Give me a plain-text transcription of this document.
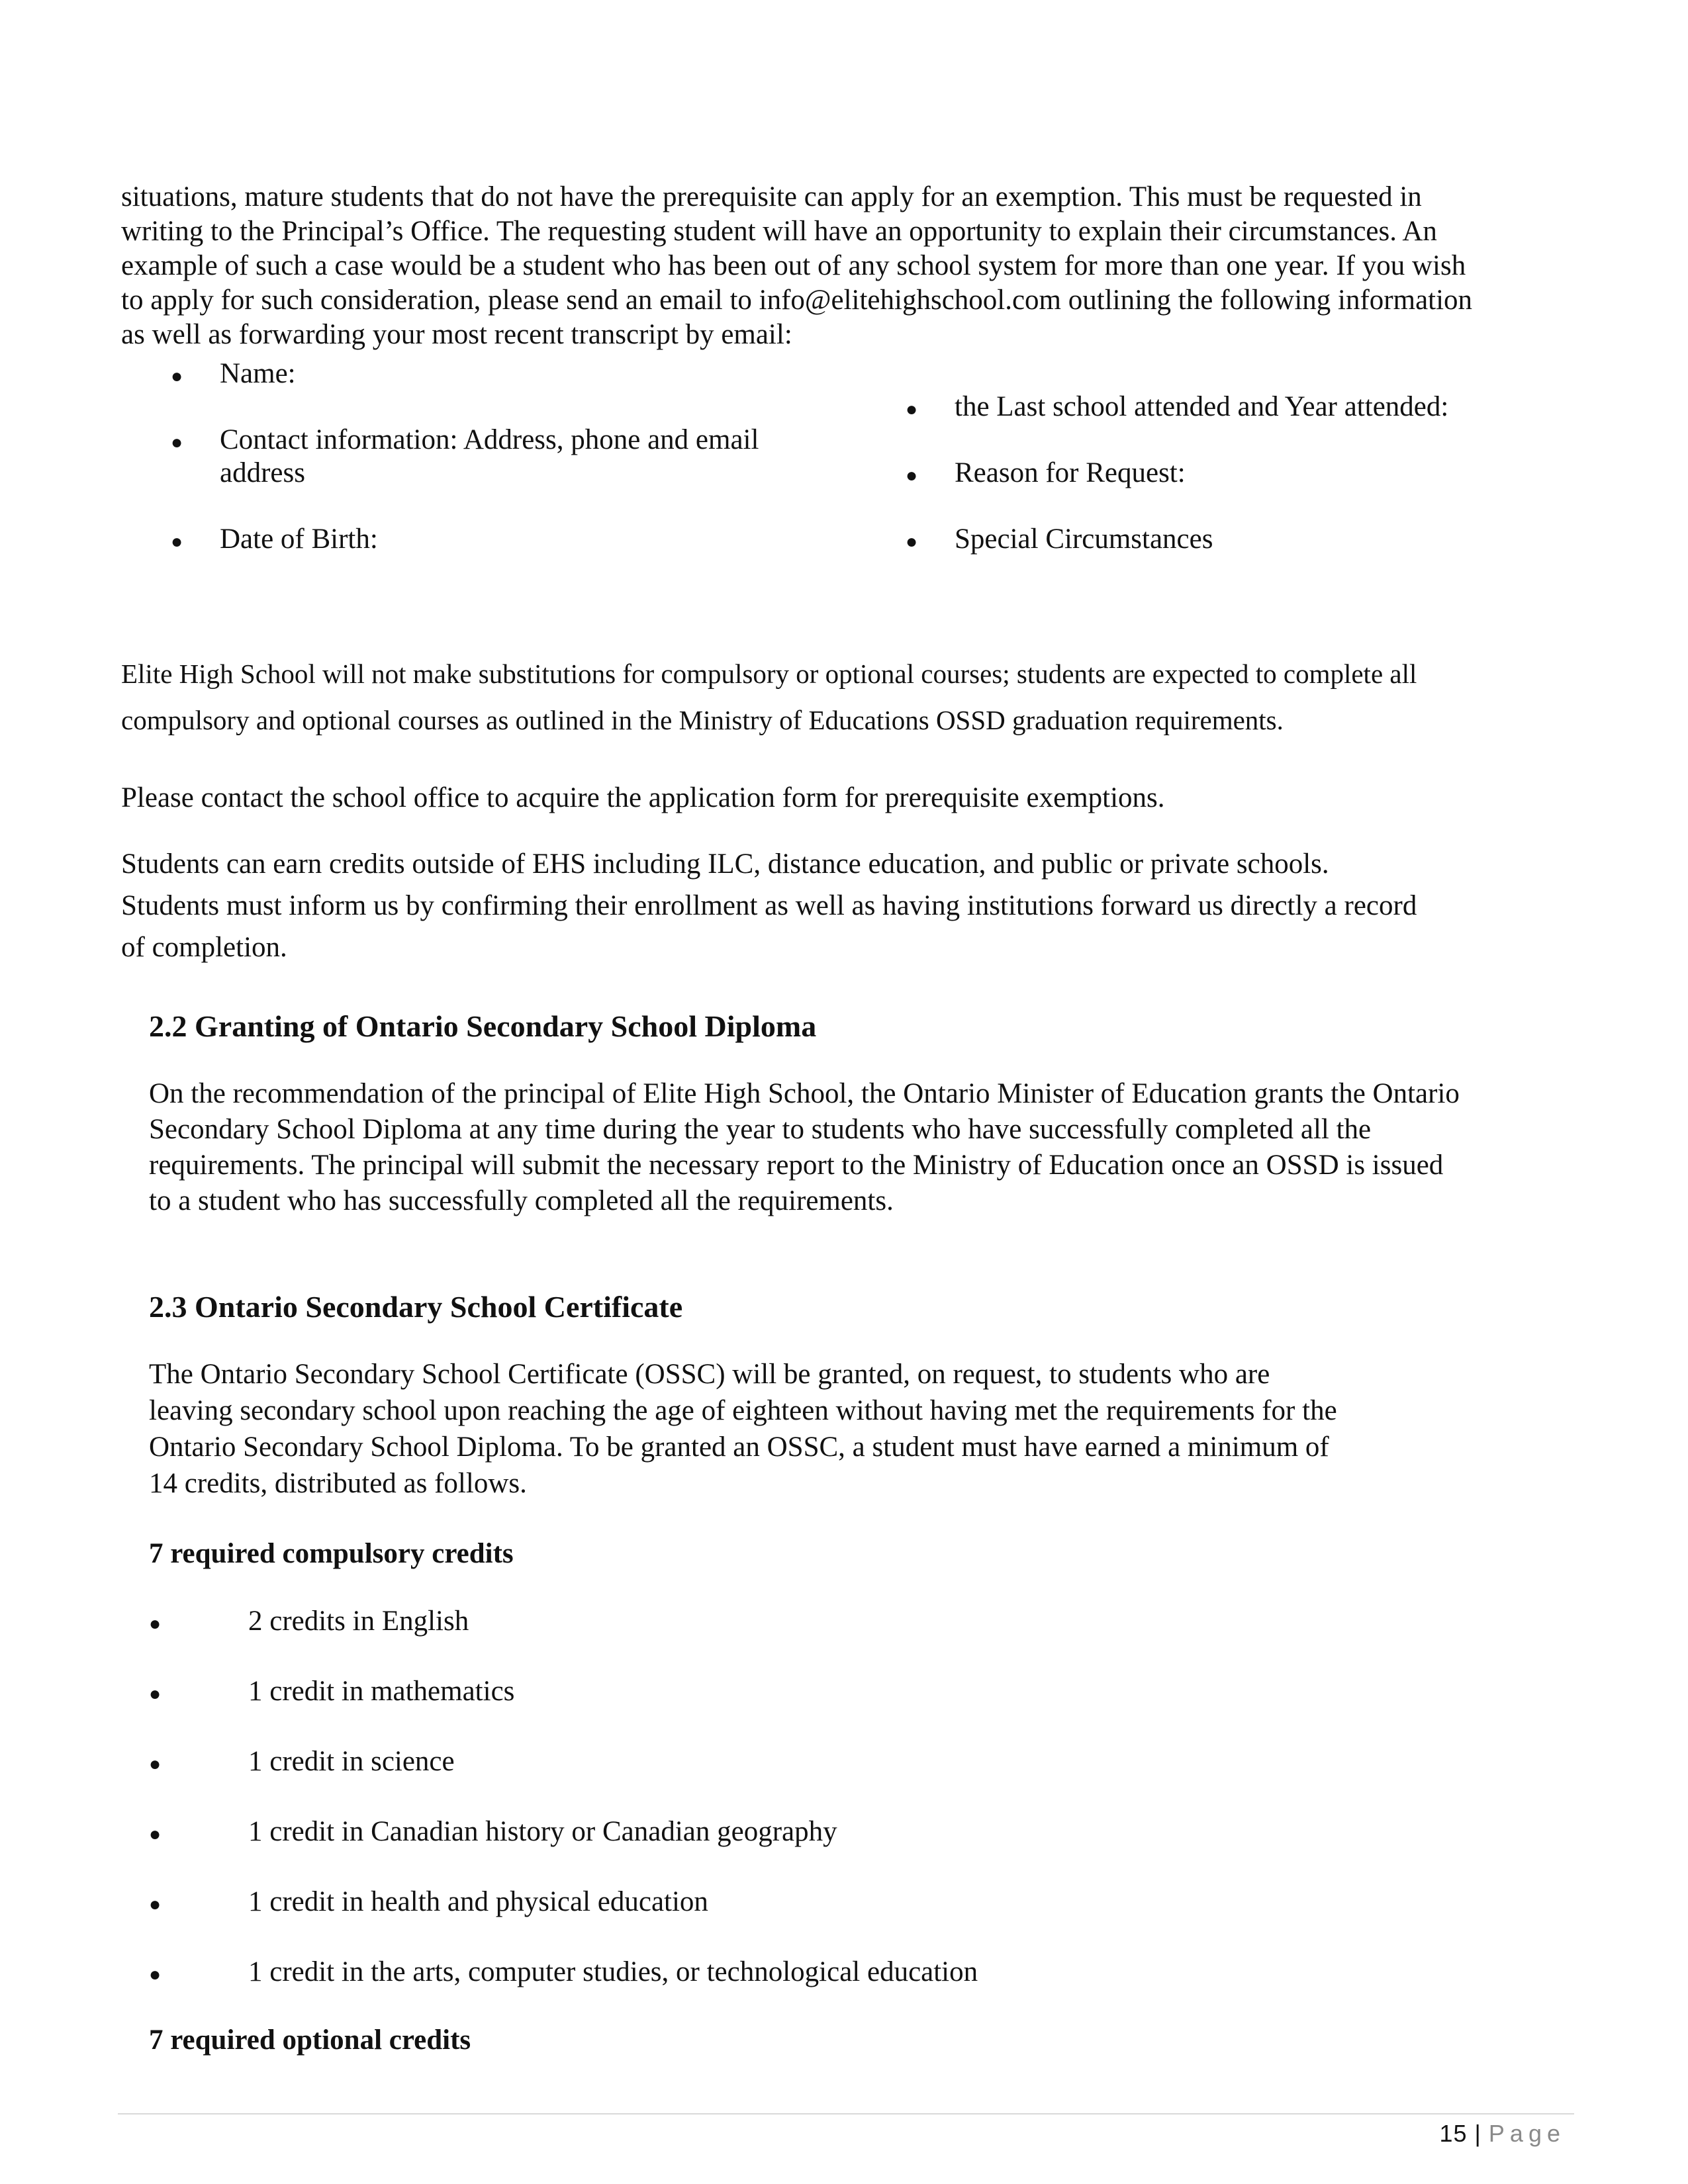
situations, mature students that do not have the prerequisite can apply for an exemption. This must be requested in
writing to the Principal’s Office. The requesting student will have an opportunity to explain their circumstances. An
example of such a case would be a student who has been out of any school system for more than one year. If you wish
to apply for such consideration, please send an email to info@elitehighschool.com outlining the following information
as well as forwarding your most recent transcript by email:
● Name:
● Contact information: Address, phone and email
address
● Date of Birth:
● the Last school attended and Year attended:
● Reason for Request:
● Special Circumstances
Elite High School will not make substitutions for compulsory or optional courses; students are expected to complete all
compulsory and optional courses as outlined in the Ministry of Educations OSSD graduation requirements.
Please contact the school office to acquire the application form for prerequisite exemptions.
Students can earn credits outside of EHS including ILC, distance education, and public or private schools.
Students must inform us by confirming their enrollment as well as having institutions forward us directly a record
of completion.
2.2 Granting of Ontario Secondary School Diploma
On the recommendation of the principal of Elite High School, the Ontario Minister of Education grants the Ontario
Secondary School Diploma at any time during the year to students who have successfully completed all the
requirements. The principal will submit the necessary report to the Ministry of Education once an OSSD is issued
to a student who has successfully completed all the requirements.
2.3 Ontario Secondary School Certificate
The Ontario Secondary School Certificate (OSSC) will be granted, on request, to students who are
leaving secondary school upon reaching the age of eighteen without having met the requirements for the
Ontario Secondary School Diploma. To be granted an OSSC, a student must have earned a minimum of
14 credits, distributed as follows.
7 required compulsory credits
●	2 credits in English
●	1 credit in mathematics
●	1 credit in science
●	1 credit in Canadian history or Canadian geography
●	1 credit in health and physical education
●	1 credit in the arts, computer studies, or technological education
7 required optional credits
15 | Page
